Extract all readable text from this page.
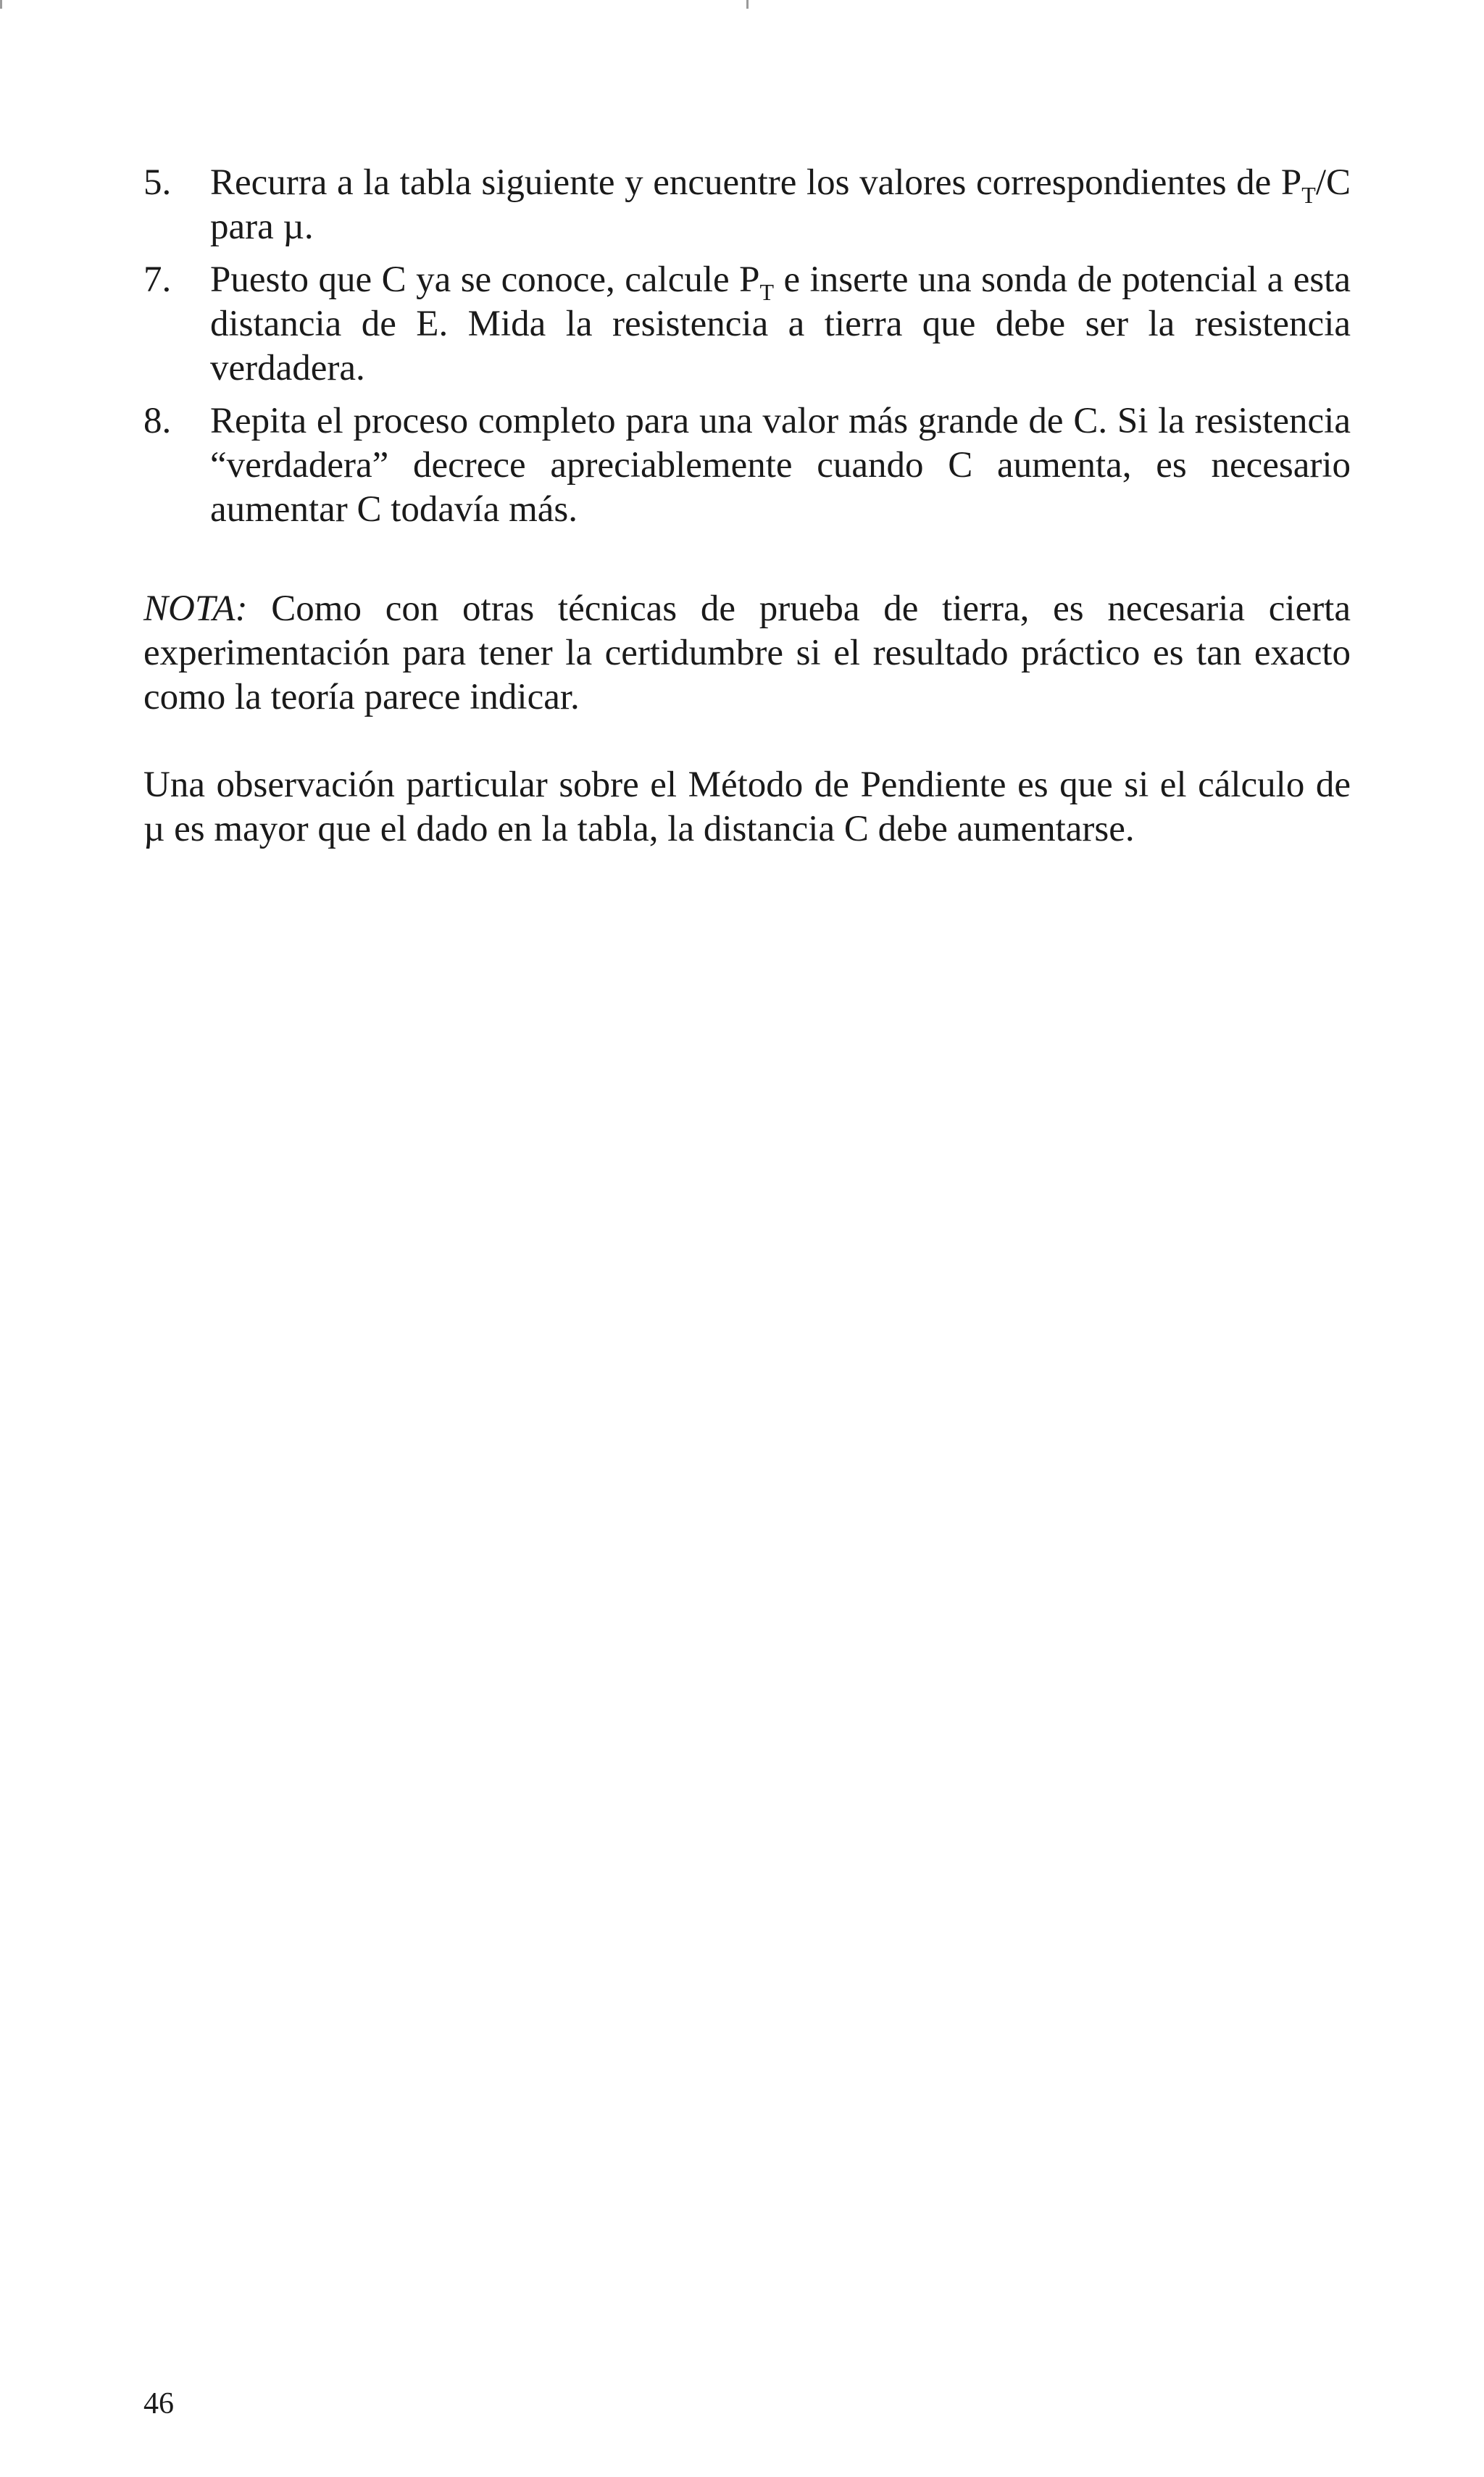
5. Recurra a la tabla siguiente y encuentre los valores correspondientes de $P_T/C$ para µ.
7. Puesto que C ya se conoce, calcule $P_T$ e inserte una sonda de potencial a esta distancia de E. Mida la resistencia a tierra que debe ser la resistencia verdadera.
8. Repita el proceso completo para una valor más grande de C. Si la resistencia “verdadera” decrece apreciablemente cuando C aumenta, es necesario aumentar C todavía más.

NOTA: Como con otras técnicas de prueba de tierra, es necesaria cierta experimentación para tener la certidumbre si el resultado práctico es tan exacto como la teoría parece indicar.

Una observación particular sobre el Método de Pendiente es que si el cálculo de µ es mayor que el dado en la tabla, la distancia C debe aumentarse.

46
